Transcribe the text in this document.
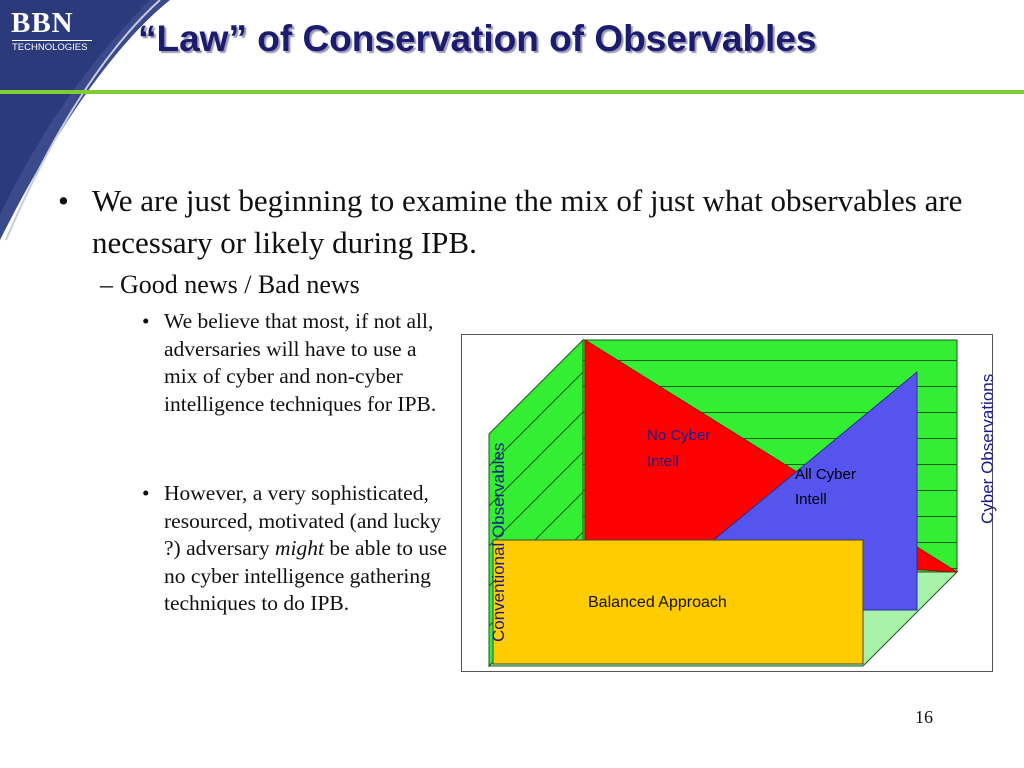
BBN
TECHNOLOGIES “Law” of Conservation of Observables
• We are just beginning to examine the mix of just what observables are necessary or likely during IPB.
– Good news / Bad news
• We believe that most, if not all, adversaries will have to use a mix of cyber and non-cyber intelligence techniques for IPB.
• However, a very sophisticated, resourced, motivated (and lucky ?) adversary might be able to use no cyber intelligence gathering techniques to do IPB.
No Cyber
Intell
All Cyber
Intell
Balanced Approach
Conventional Observables	Cyber Observations
16
